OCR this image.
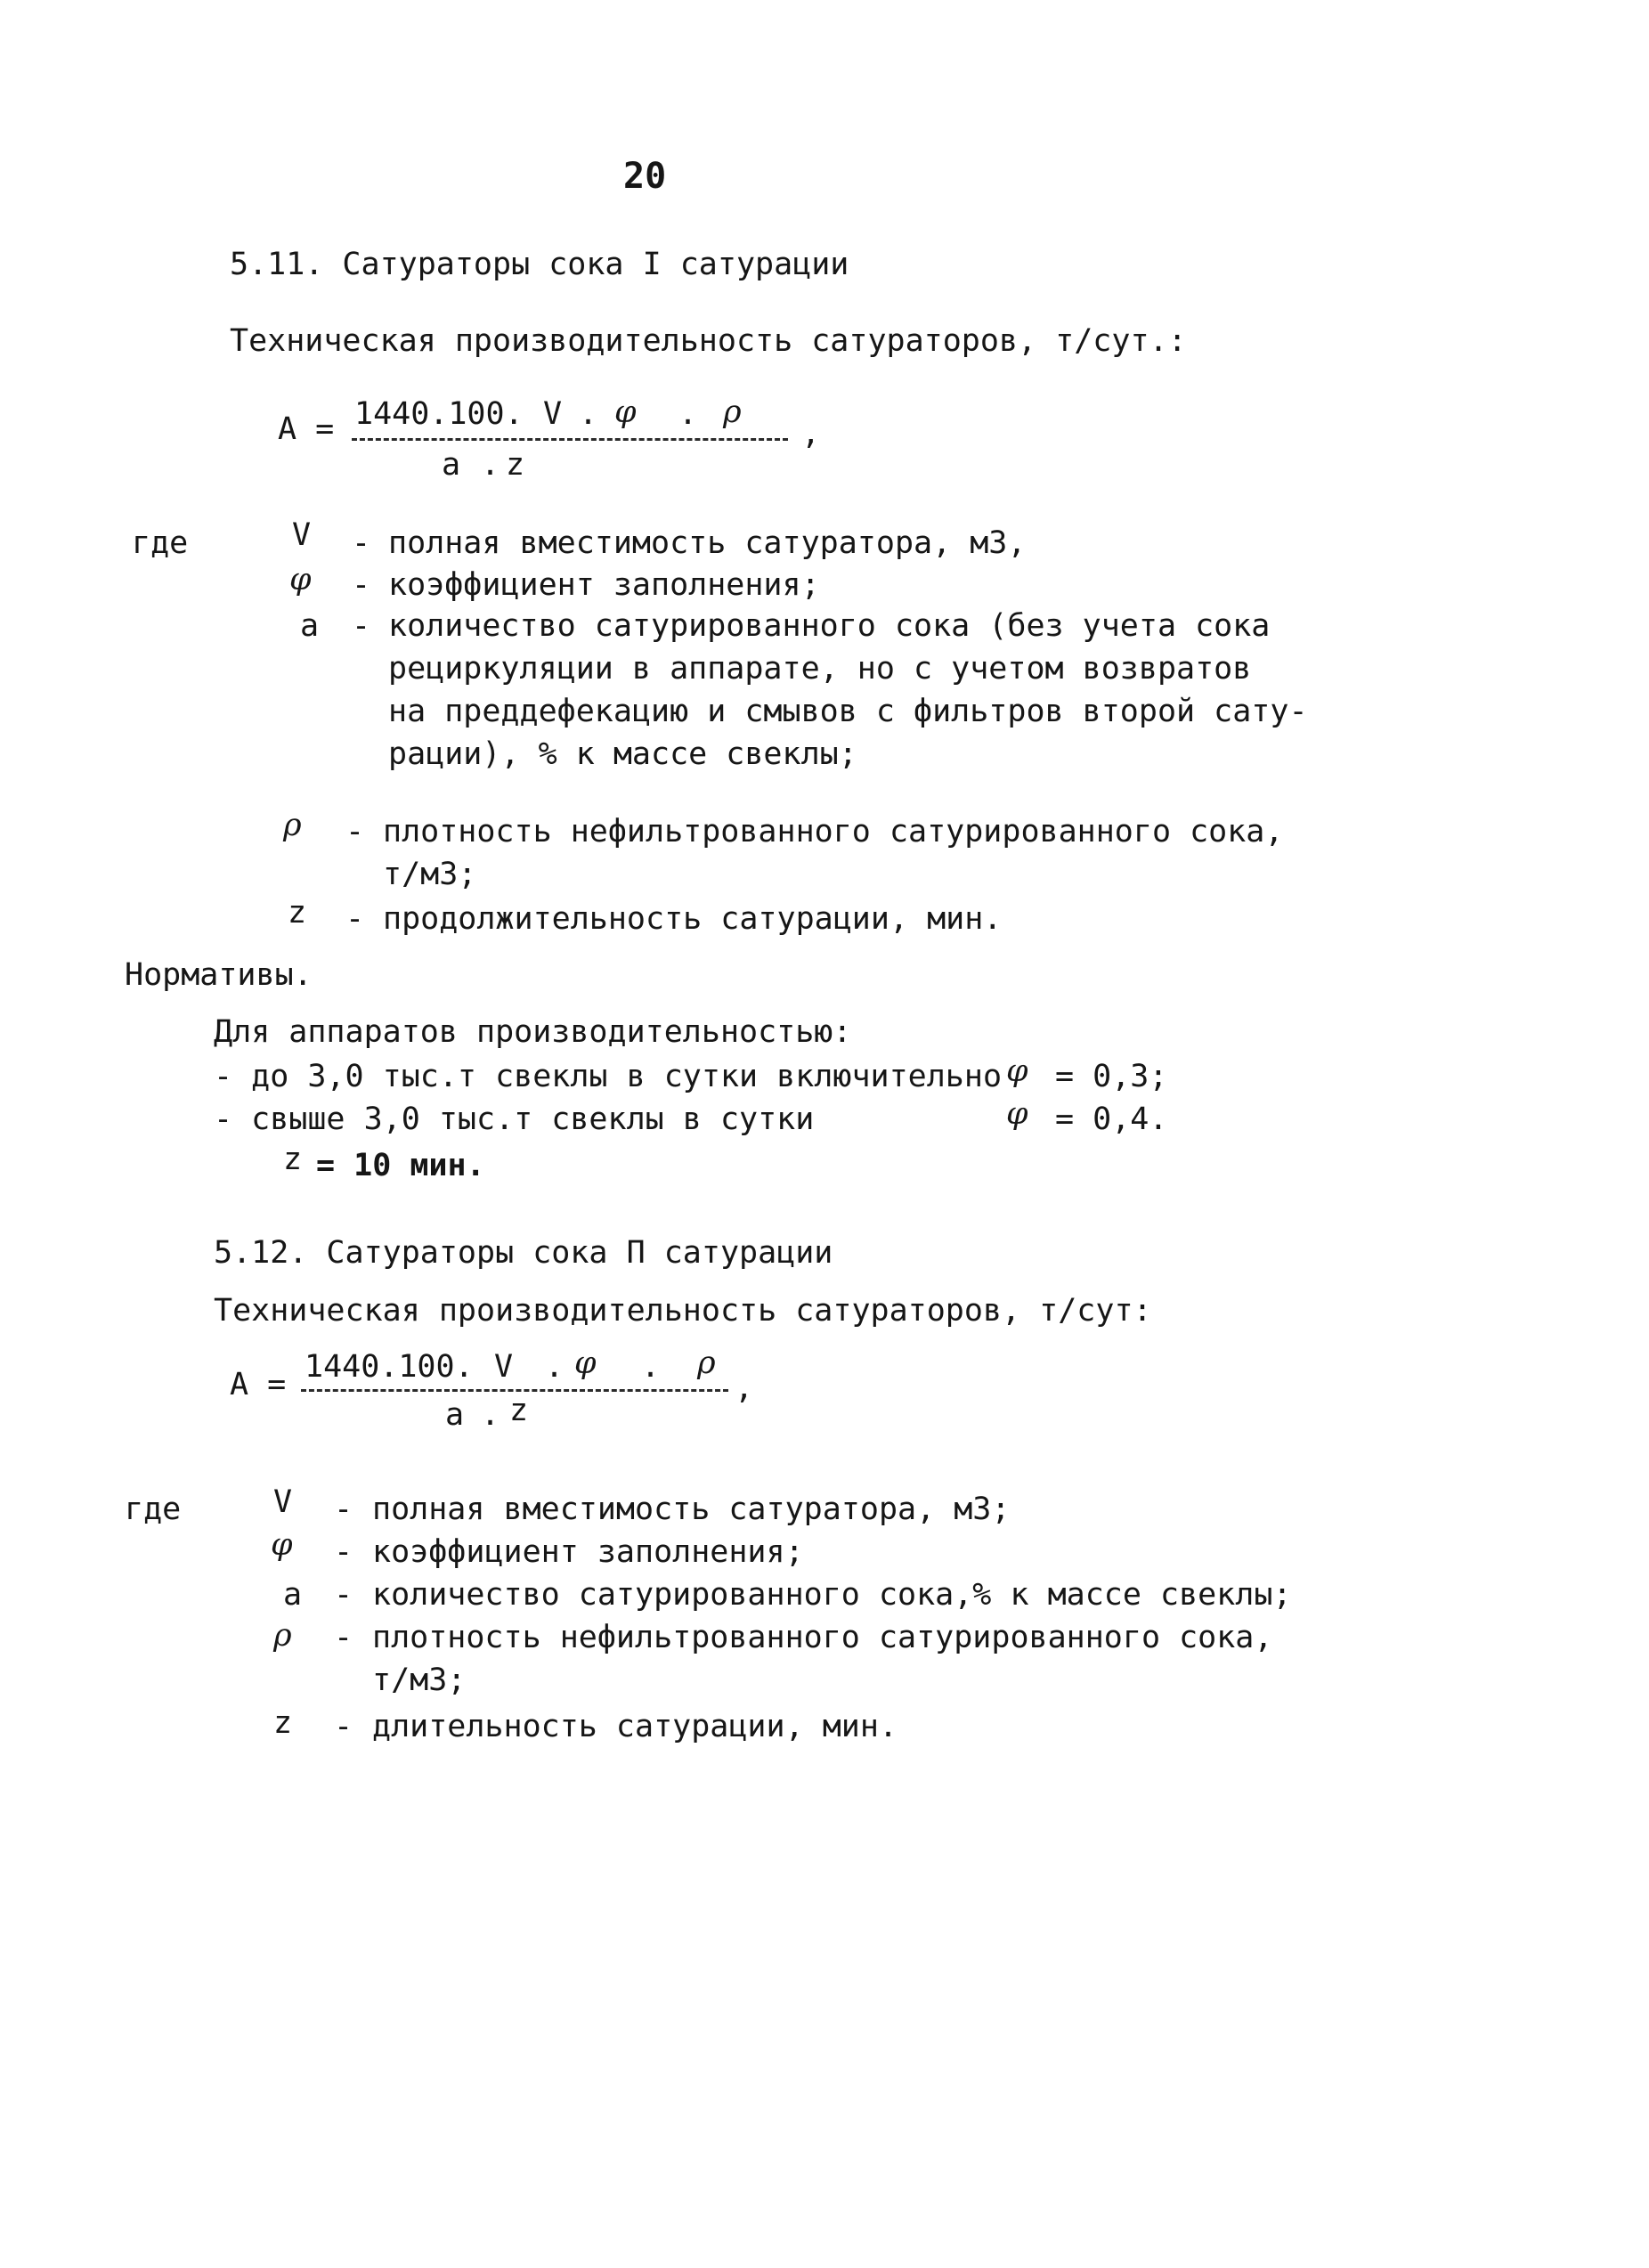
20
5.11. Сатураторы сока I сатурации
Техническая производительность сатураторов, т/сут.:
А = 1440.100. V . φ . ρ
а . z
,
где	V - полная вместимость сатуратора, м3,
φ - коэффициент заполнения;
а - количество сатурированного сока (без учета сока
рециркуляции в аппарате, но с учетом возвратов
на преддефекацию и смывов с фильтров второй сату-
рации), % к массе свеклы;
ρ - плотность нефильтрованного сатурированного сока,
т/м3;
z - продолжительность сатурации, мин.
Нормативы.
Для аппаратов производительностью:
- до 3,0 тыс.т свеклы в сутки включительно φ = 0,3;
- свыше 3,0 тыс.т свеклы в сутки	φ = 0,4.
z = 10 мин.
5.12. Сатураторы сока П сатурации
Техническая производительность сатураторов, т/сут:
А = 1440.100. V . φ . ρ
а . z
,
где	V - полная вместимость сатуратора, м3;
φ - коэффициент заполнения;
а - количество сатурированного сока,% к массе свеклы;
ρ - плотность нефильтрованного сатурированного сока,
т/м3;
z - длительность сатурации, мин.
